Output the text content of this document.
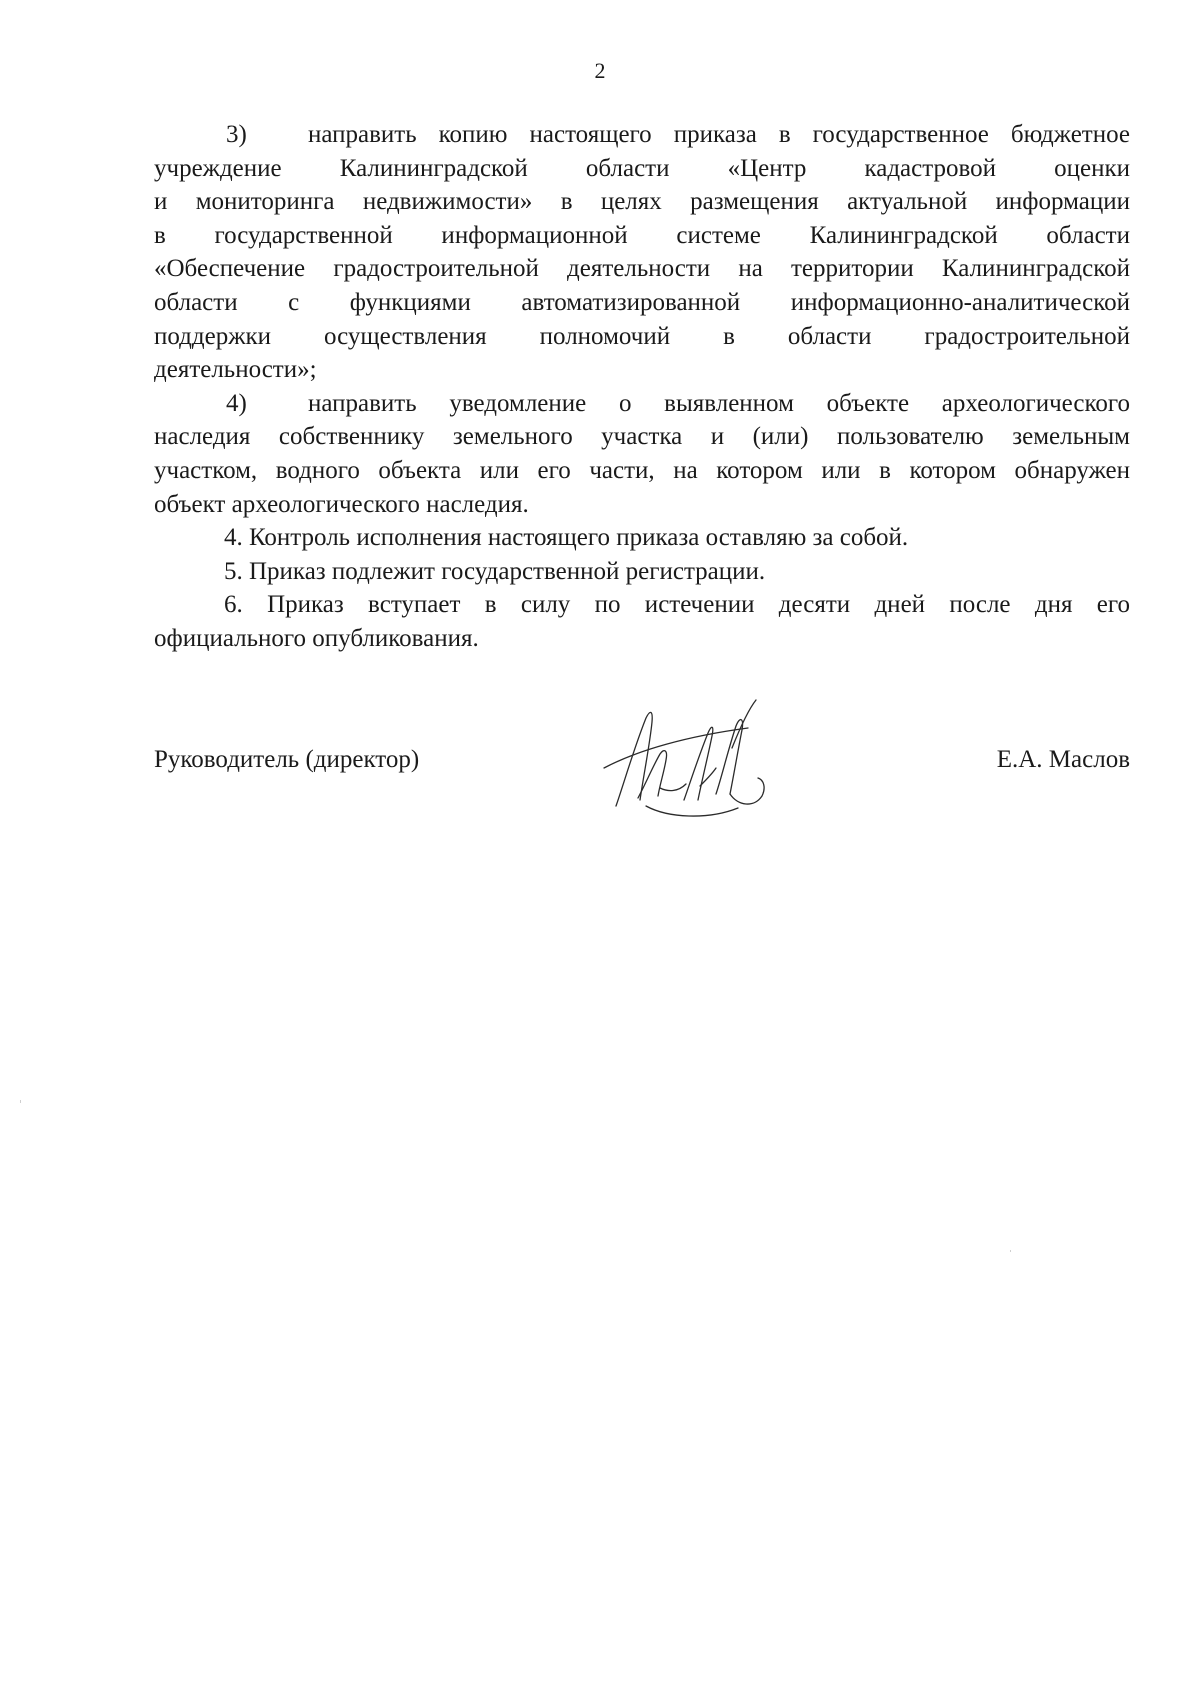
2
3) направить копию настоящего приказа в государственное бюджетное
учреждение Калининградской области «Центр кадастровой оценки
и мониторинга недвижимости» в целях размещения актуальной информации
в государственной информационной системе Калининградской области
«Обеспечение градостроительной деятельности на территории Калининградской
области с функциями автоматизированной информационно-аналитической
поддержки осуществления полномочий в области градостроительной
деятельности»;
4) направить уведомление о выявленном объекте археологического
наследия собственнику земельного участка и (или) пользователю земельным
участком, водного объекта или его части, на котором или в котором обнаружен
объект археологического наследия.
4. Контроль исполнения настоящего приказа оставляю за собой.
5. Приказ подлежит государственной регистрации.
6. Приказ вступает в силу по истечении десяти дней после дня его
официального опубликования.
Руководитель (директор)	Е.А. Маслов
